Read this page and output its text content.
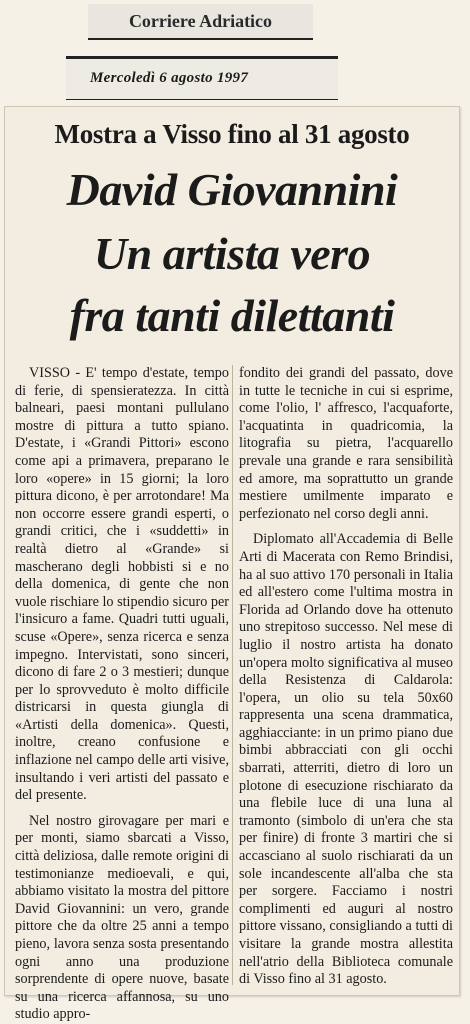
Corriere Adriatico
Mercoledì 6 agosto 1997
Mostra a Visso fino al 31 agosto
David Giovannini
Un artista vero
fra tanti dilettanti

VISSO - E' tempo d'estate, tempo di ferie, di spensieratezza. In città balneari, paesi montani pullulano mostre di pittura a tutto spiano. D'estate, i «Grandi Pittori» escono come api a primavera, preparano le loro «opere» in 15 giorni; la loro pittura dicono, è per arrotondare! Ma non occorre essere grandi esperti, o grandi critici, che i «suddetti» in realtà dietro al «Grande» si mascherano degli hobbisti si e no della domenica, di gente che non vuole rischiare lo stipendio sicuro per l'insicuro a fame. Quadri tutti uguali, scuse «Opere», senza ricerca e senza impegno. Intervistati, sono sinceri, dicono di fare 2 o 3 mestieri; dunque per lo sprovveduto è molto difficile districarsi in questa giungla di «Artisti della domenica». Questi, inoltre, creano confusione e inflazione nel campo delle arti visive, insultando i veri artisti del passato e del presente.

Nel nostro girovagare per mari e per monti, siamo sbarcati a Visso, città deliziosa, dalle remote origini di testimonianze medioevali, e qui, abbiamo visitato la mostra del pittore David Giovannini: un vero, grande pittore che da oltre 25 anni a tempo pieno, lavora senza sosta presentando ogni anno una produzione sorprendente di opere nuove, basate su una ricerca affannosa, su uno studio appro-

fondito dei grandi del passato, dove in tutte le tecniche in cui si esprime, come l'olio, l' affresco, l'acquaforte, l'acquatinta in quadricomia, la litografia su pietra, l'acquarello prevale una grande e rara sensibilità ed amore, ma soprattutto un grande mestiere umilmente imparato e perfezionato nel corso degli anni.

Diplomato all'Accademia di Belle Arti di Macerata con Remo Brindisi, ha al suo attivo 170 personali in Italia ed all'estero come l'ultima mostra in Florida ad Orlando dove ha ottenuto uno strepitoso successo. Nel mese di luglio il nostro artista ha donato un'opera molto significativa al museo della Resistenza di Caldarola: l'opera, un olio su tela 50x60 rappresenta una scena drammatica, agghiacciante: in un primo piano due bimbi abbracciati con gli occhi sbarrati, atterriti, dietro di loro un plotone di esecuzione rischiarato da una flebile luce di una luna al tramonto (simbolo di un'era che sta per finire) di fronte 3 martiri che si accasciano al suolo rischiarati da un sole incandescente all'alba che sta per sorgere. Facciamo i nostri complimenti ed auguri al nostro pittore vissano, consigliando a tutti di visitare la grande mostra allestita nell'atrio della Biblioteca comunale di Visso fino al 31 agosto.
